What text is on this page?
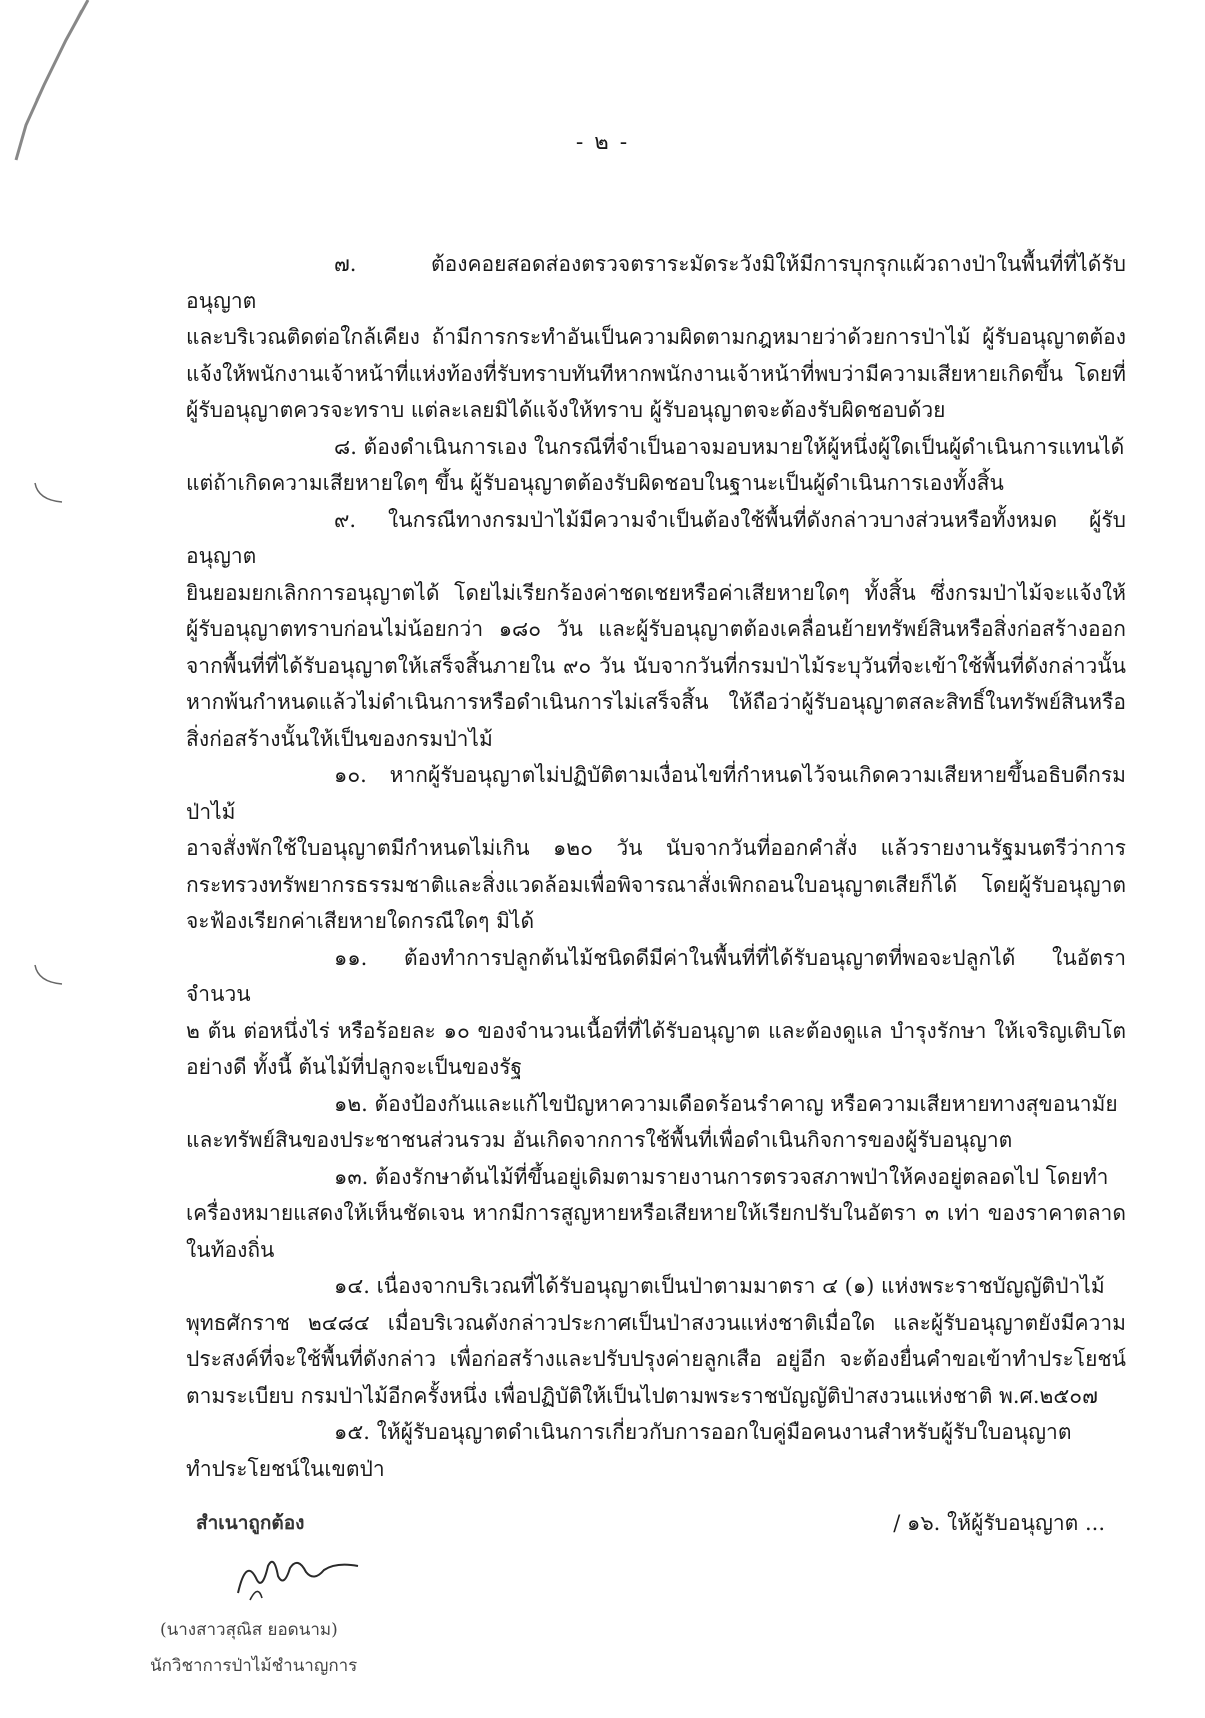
- ๒ -

๗. ต้องคอยสอดส่องตรวจตราระมัดระวังมิให้มีการบุกรุกแผ้วถางป่าในพื้นที่ที่ได้รับอนุญาต
และบริเวณติดต่อใกล้เคียง ถ้ามีการกระทำอันเป็นความผิดตามกฎหมายว่าด้วยการป่าไม้ ผู้รับอนุญาตต้องแจ้งให้พนักงานเจ้าหน้าที่แห่งท้องที่รับทราบทันทีหากพนักงานเจ้าหน้าที่พบว่ามีความเสียหายเกิดขึ้น โดยที่ผู้รับอนุญาตควรจะทราบ แต่ละเลยมิได้แจ้งให้ทราบ ผู้รับอนุญาตจะต้องรับผิดชอบด้วย

๘. ต้องดำเนินการเอง ในกรณีที่จำเป็นอาจมอบหมายให้ผู้หนึ่งผู้ใดเป็นผู้ดำเนินการแทนได้
แต่ถ้าเกิดความเสียหายใดๆ ขึ้น ผู้รับอนุญาตต้องรับผิดชอบในฐานะเป็นผู้ดำเนินการเองทั้งสิ้น

๙. ในกรณีทางกรมป่าไม้มีความจำเป็นต้องใช้พื้นที่ดังกล่าวบางส่วนหรือทั้งหมด ผู้รับอนุญาต
ยินยอมยกเลิกการอนุญาตได้ โดยไม่เรียกร้องค่าชดเชยหรือค่าเสียหายใดๆ ทั้งสิ้น ซึ่งกรมป่าไม้จะแจ้งให้ผู้รับอนุญาตทราบก่อนไม่น้อยกว่า ๑๘๐ วัน และผู้รับอนุญาตต้องเคลื่อนย้ายทรัพย์สินหรือสิ่งก่อสร้างออกจากพื้นที่ที่ได้รับอนุญาตให้เสร็จสิ้นภายใน ๙๐ วัน นับจากวันที่กรมป่าไม้ระบุวันที่จะเข้าใช้พื้นที่ดังกล่าวนั้น หากพ้นกำหนดแล้วไม่ดำเนินการหรือดำเนินการไม่เสร็จสิ้น ให้ถือว่าผู้รับอนุญาตสละสิทธิ์ในทรัพย์สินหรือสิ่งก่อสร้างนั้นให้เป็นของกรมป่าไม้

๑๐. หากผู้รับอนุญาตไม่ปฏิบัติตามเงื่อนไขที่กำหนดไว้จนเกิดความเสียหายขึ้นอธิบดีกรมป่าไม้
อาจสั่งพักใช้ใบอนุญาตมีกำหนดไม่เกิน ๑๒๐ วัน นับจากวันที่ออกคำสั่ง แล้วรายงานรัฐมนตรีว่าการกระทรวงทรัพยากรธรรมชาติและสิ่งแวดล้อมเพื่อพิจารณาสั่งเพิกถอนใบอนุญาตเสียก็ได้ โดยผู้รับอนุญาตจะฟ้องเรียกค่าเสียหายใดกรณีใดๆ มิได้

๑๑. ต้องทำการปลูกต้นไม้ชนิดดีมีค่าในพื้นที่ที่ได้รับอนุญาตที่พอจะปลูกได้ ในอัตราจำนวน
๒ ต้น ต่อหนึ่งไร่ หรือร้อยละ ๑๐ ของจำนวนเนื้อที่ที่ได้รับอนุญาต และต้องดูแล บำรุงรักษา ให้เจริญเติบโตอย่างดี ทั้งนี้ ต้นไม้ที่ปลูกจะเป็นของรัฐ

๑๒. ต้องป้องกันและแก้ไขปัญหาความเดือดร้อนรำคาญ หรือความเสียหายทางสุขอนามัย
และทรัพย์สินของประชาชนส่วนรวม อันเกิดจากการใช้พื้นที่เพื่อดำเนินกิจการของผู้รับอนุญาต

๑๓. ต้องรักษาต้นไม้ที่ขึ้นอยู่เดิมตามรายงานการตรวจสภาพป่าให้คงอยู่ตลอดไป โดยทำ
เครื่องหมายแสดงให้เห็นชัดเจน หากมีการสูญหายหรือเสียหายให้เรียกปรับในอัตรา ๓ เท่า ของราคาตลาดในท้องถิ่น

๑๔. เนื่องจากบริเวณที่ได้รับอนุญาตเป็นป่าตามมาตรา ๔ (๑) แห่งพระราชบัญญัติป่าไม้
พุทธศักราช ๒๔๘๔ เมื่อบริเวณดังกล่าวประกาศเป็นป่าสงวนแห่งชาติเมื่อใด และผู้รับอนุญาตยังมีความประสงค์ที่จะใช้พื้นที่ดังกล่าว เพื่อก่อสร้างและปรับปรุงค่ายลูกเสือ อยู่อีก จะต้องยื่นคำขอเข้าทำประโยชน์ตามระเบียบ กรมป่าไม้อีกครั้งหนึ่ง เพื่อปฏิบัติให้เป็นไปตามพระราชบัญญัติป่าสงวนแห่งชาติ พ.ศ.๒๕๐๗

๑๕. ให้ผู้รับอนุญาตดำเนินการเกี่ยวกับการออกใบคู่มือคนงานสำหรับผู้รับใบอนุญาต
ทำประโยชน์ในเขตป่า

สำเนาถูกต้อง
(นางสาวสุณิส ยอดนาม)
นักวิชาการป่าไม้ชำนาญการ
/ ๑๖. ให้ผู้รับอนุญาต ...
